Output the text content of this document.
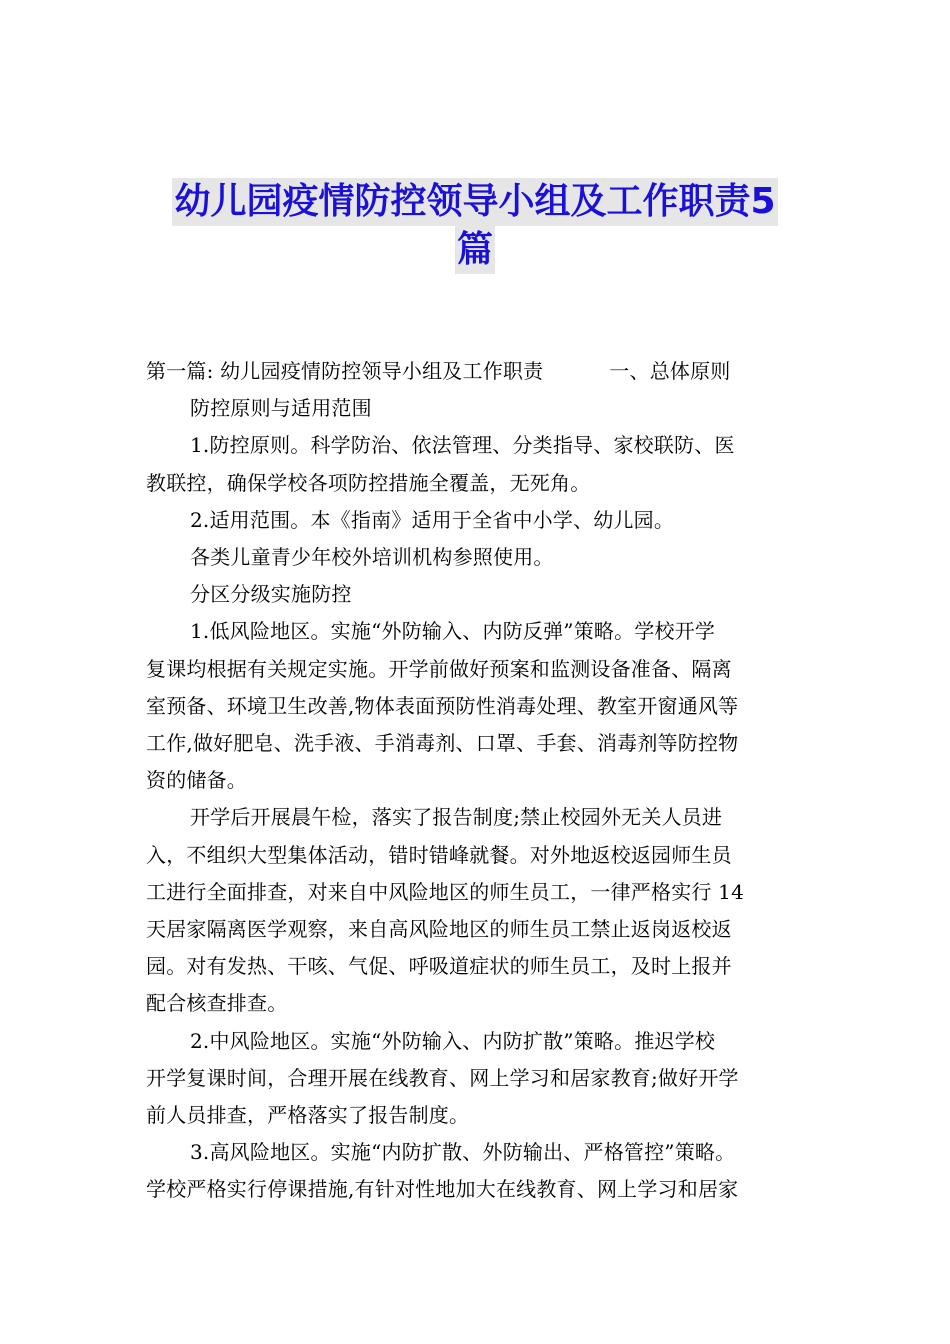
幼儿园疫情防控领导小组及工作职责5
篇

第一篇: 幼儿园疫情防控领导小组及工作职责	一、总体原则

防控原则与适用范围

1.防控原则。科学防治、依法管理、分类指导、家校联防、医

教联控，确保学校各项防控措施全覆盖，无死角。

2.适用范围。本《指南》适用于全省中小学、幼儿园。

各类儿童青少年校外培训机构参照使用。

分区分级实施防控

1.低风险地区。实施“外防输入、内防反弹”策略。学校开学

复课均根据有关规定实施。开学前做好预案和监测设备准备、隔离

室预备、环境卫生改善,物体表面预防性消毒处理、教室开窗通风等

工作,做好肥皂、洗手液、手消毒剂、口罩、手套、消毒剂等防控物

资的储备。

开学后开展晨午检，落实了报告制度;禁止校园外无关人员进

入，不组织大型集体活动，错时错峰就餐。对外地返校返园师生员

工进行全面排查，对来自中风险地区的师生员工，一律严格实行 14

天居家隔离医学观察，来自高风险地区的师生员工禁止返岗返校返

园。对有发热、干咳、气促、呼吸道症状的师生员工，及时上报并

配合核查排查。

2.中风险地区。实施“外防输入、内防扩散”策略。推迟学校

开学复课时间，合理开展在线教育、网上学习和居家教育;做好开学

前人员排查，严格落实了报告制度。

3.高风险地区。实施“内防扩散、外防输出、严格管控”策略。

学校严格实行停课措施,有针对性地加大在线教育、网上学习和居家
